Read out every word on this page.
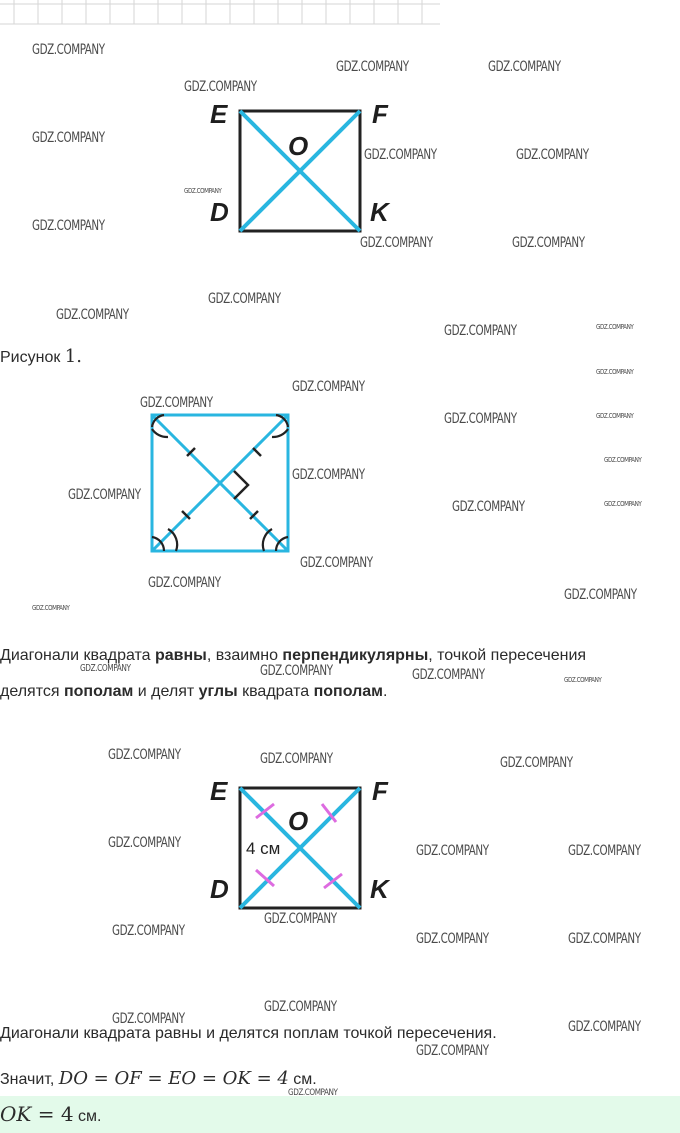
E	F
D	K
O
Рисунок 1.
Диагонали квадрата равны, взаимно перпендикулярны, точкой пересечения
делятся пополам и делят углы квадрата пополам.
E	F
D	K
O
4 см
Диагонали квадрата равны и делятся поплам точкой пересечения.
Значит, DO = OF = EO = OK = 4 см.
OK = 4 см.
GDZ.COMPANY
GDZ.COMPANY	GDZ.COMPANY
GDZ.COMPANY
GDZ.COMPANY
GDZ.COMPANY	GDZ.COMPANY
GDZ.COMPANY
GDZ.COMPANY
GDZ.COMPANY	GDZ.COMPANY
GDZ.COMPANY
GDZ.COMPANY
GDZ.COMPANY	GDZ.COMPANY
GDZ.COMPANY
GDZ.COMPANY
GDZ.COMPANY
GDZ.COMPANY	GDZ.COMPANY
GDZ.COMPANY
GDZ.COMPANY
GDZ.COMPANY
GDZ.COMPANY
GDZ.COMPANY
GDZ.COMPANY
GDZ.COMPANY
GDZ.COMPANY
GDZ.COMPANY
GDZ.COMPANY	GDZ.COMPANY	GDZ.COMPANY	GDZ.COMPANY
GDZ.COMPANY	GDZ.COMPANY	GDZ.COMPANY
GDZ.COMPANY	GDZ.COMPANY	GDZ.COMPANY
GDZ.COMPANY
GDZ.COMPANY	GDZ.COMPANY	GDZ.COMPANY
GDZ.COMPANY
GDZ.COMPANY	GDZ.COMPANY
GDZ.COMPANY
GDZ.COMPANY
